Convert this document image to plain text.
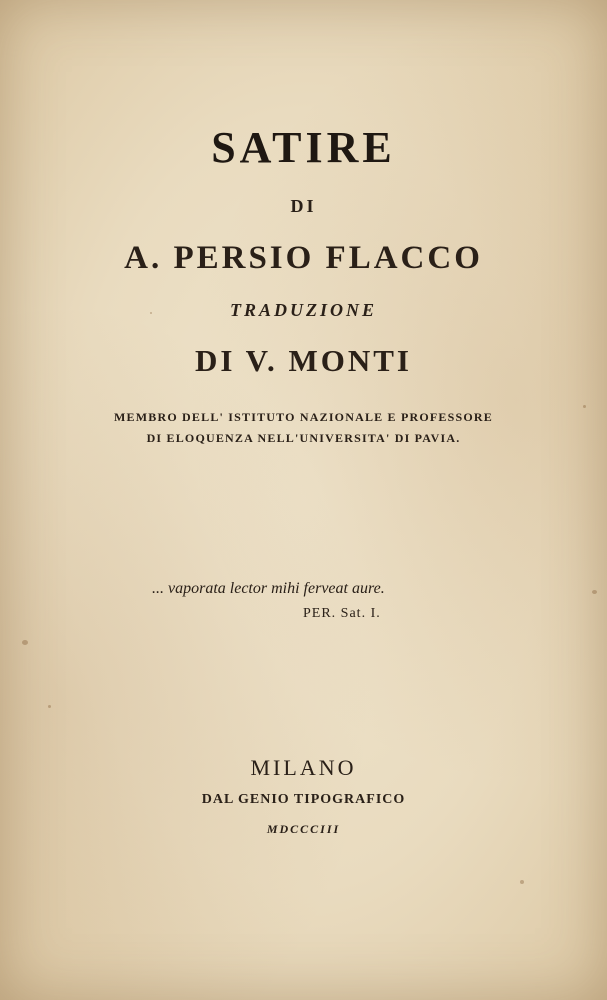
SATIRE
DI
A. PERSIO FLACCO
TRADUZIONE
DI V. MONTI
MEMBRO DELL' ISTITUTO NAZIONALE E PROFESSORE
DI ELOQUENZA NELL'UNIVERSITA' DI PAVIA.
... vaporata lector mihi ferveat aure.
PER. Sat. I.
MILANO
DAL GENIO TIPOGRAFICO
MDCCCIII
